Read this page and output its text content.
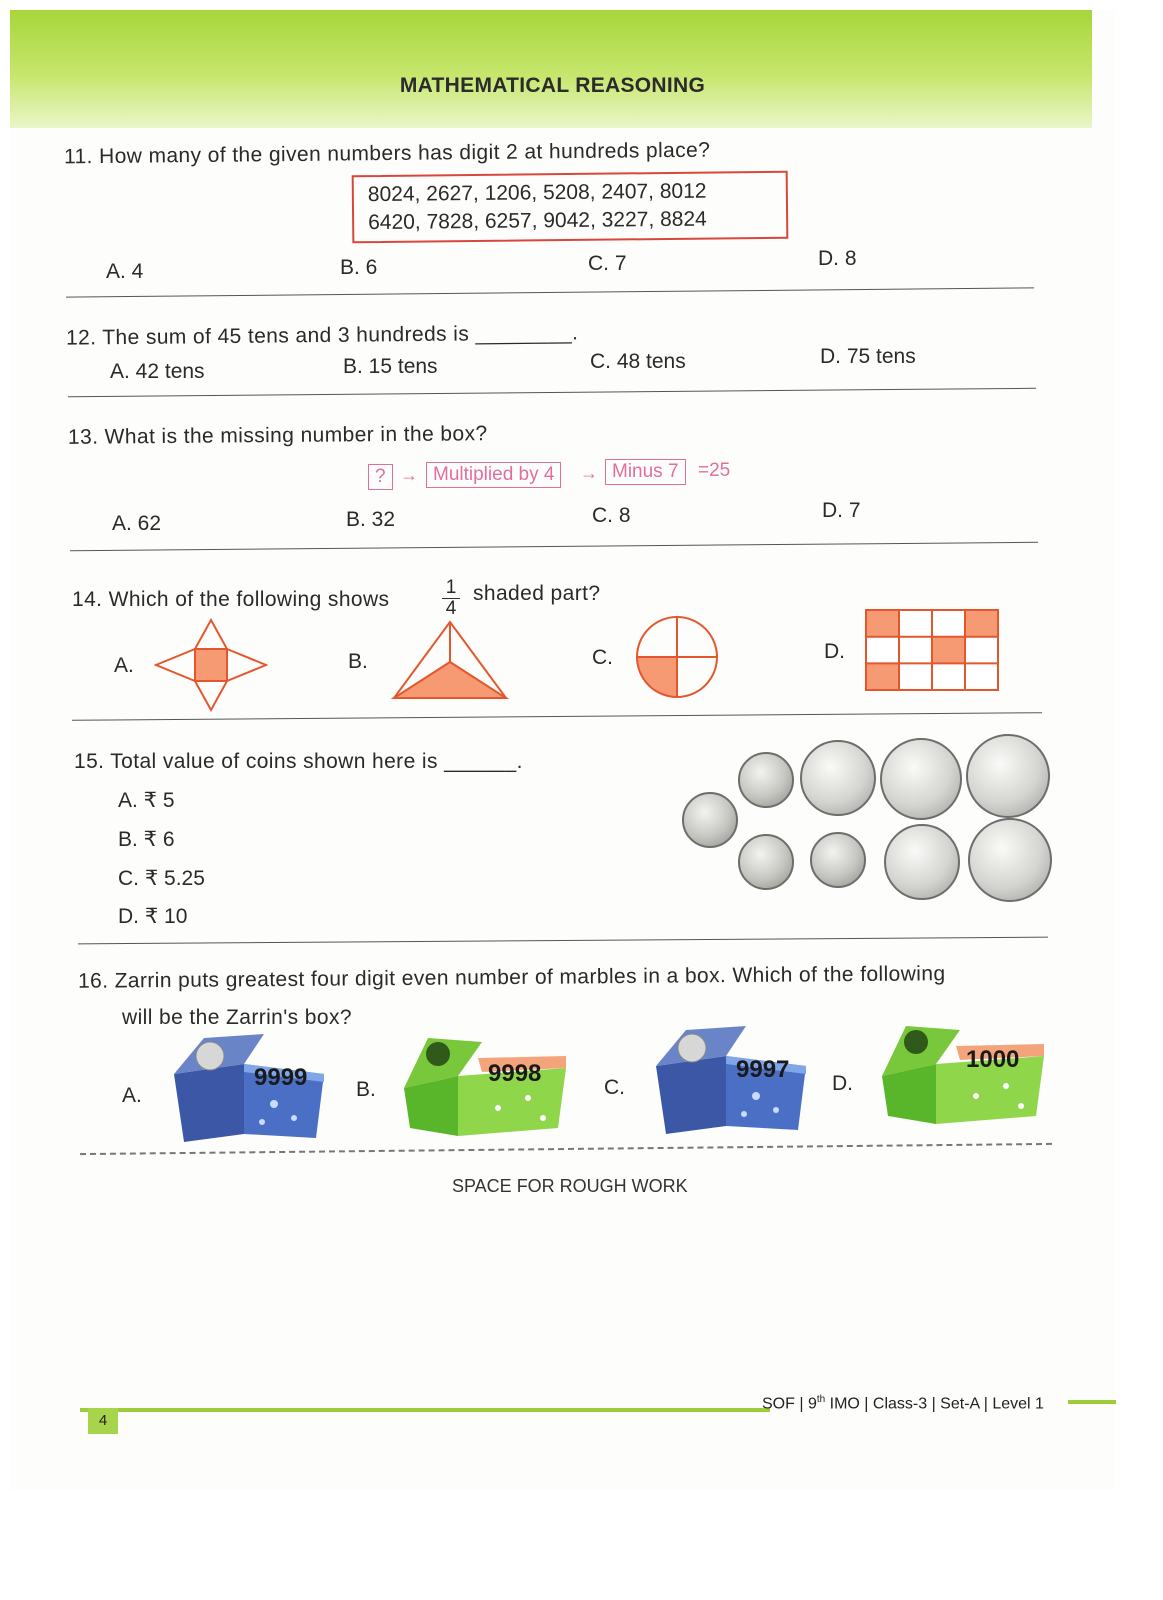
MATHEMATICAL REASONING
11. How many of the given numbers has digit 2 at hundreds place?
8024, 2627, 1206, 5208, 2407, 8012
6420, 7828, 6257, 9042, 3227, 8824
A. 4	B. 6	C. 7	D. 8
12. The sum of 45 tens and 3 hundreds is ________.
A. 42 tens	B. 15 tens	C. 48 tens	D. 75 tens
13. What is the missing number in the box?
? → Multiplied by 4	→ Minus 7	=25
A. 62	B. 32	C. 8	D. 7
14. Which of the following shows
1
4
shaded part?
A.	B.	C.	D.
15. Total value of coins shown here is ______.
A. ₹ 5
B. ₹ 6
C. ₹ 5.25
D. ₹ 10
16. Zarrin puts greatest four digit even number of marbles in a box. Which of the following
will be the Zarrin's box?
A.
9999 B.
9998
C.
9997
D.
1000
SPACE FOR ROUGH WORK
4
SOF | 9th IMO | Class-3 | Set-A | Level 1
